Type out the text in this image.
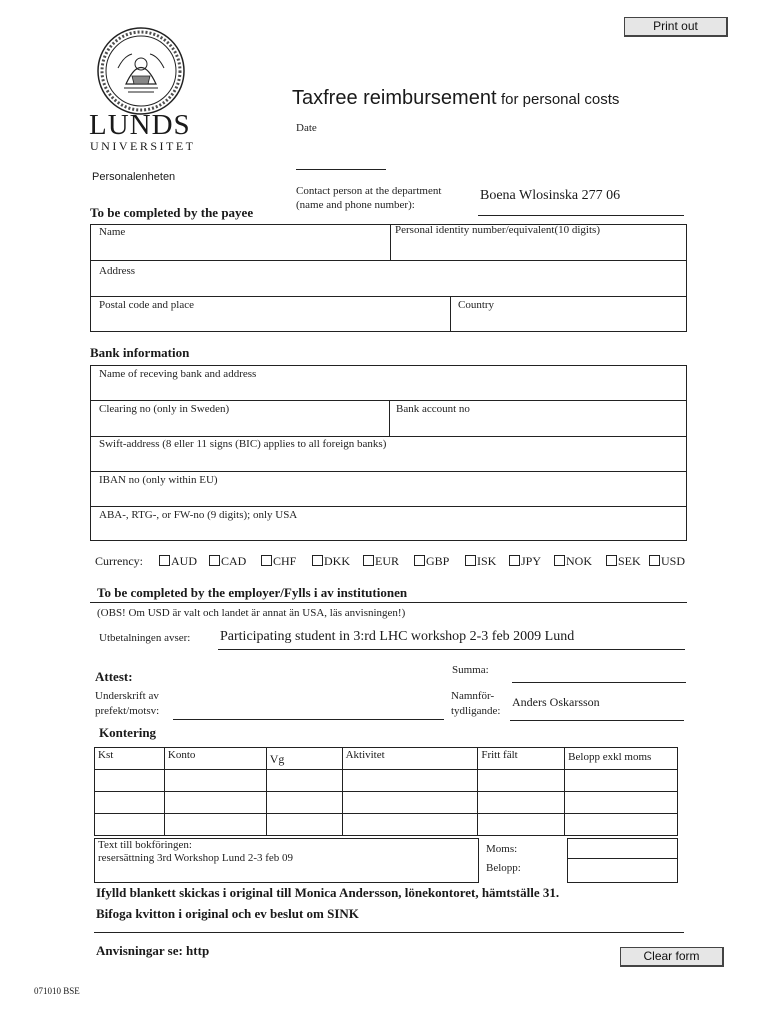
Print out
Clear form
LUNDS
UNIVERSITET
Taxfree reimbursement for personal costs
Date
Personalenheten
Contact person at the department
(name and phone number):
Boena Wlosinska 277 06
To be completed by the payee
Name	Personal identity number/equivalent(10 digits)
Address
Postal code and place	Country
Bank information
Name of receving bank and address
Clearing no (only in Sweden)	Bank account no
Swift-address (8 eller 11 signs (BIC) applies to all foreign banks)
IBAN no (only within EU)
ABA-, RTG-, or FW-no (9 digits); only USA
Currency:	AUD	CAD	CHF	DKK	EUR	GBP	ISK	JPY	NOK	SEK	USD
To be completed by the employer/Fylls i av institutionen
(OBS! Om USD är valt och landet är annat än USA, läs anvisningen!)
Utbetalningen avser: Participating student in 3:rd LHC workshop 2-3 feb 2009 Lund
Attest:	Summa:
Underskrift av
prefekt/motsv:
Namnför-
tydligande:
Anders Oskarsson
Kontering
Kst	Konto	Vg	Aktivitet	Fritt fält	Belopp exkl moms

Text till bokföringen:
resersättning 3rd Workshop Lund 2-3 feb 09
Moms:
Belopp:
Ifylld blankett skickas i original till Monica Andersson, lönekontoret, hämtställe 31.
Bifoga kvitton i original och ev beslut om SINK
Anvisningar se: http
071010 BSE
